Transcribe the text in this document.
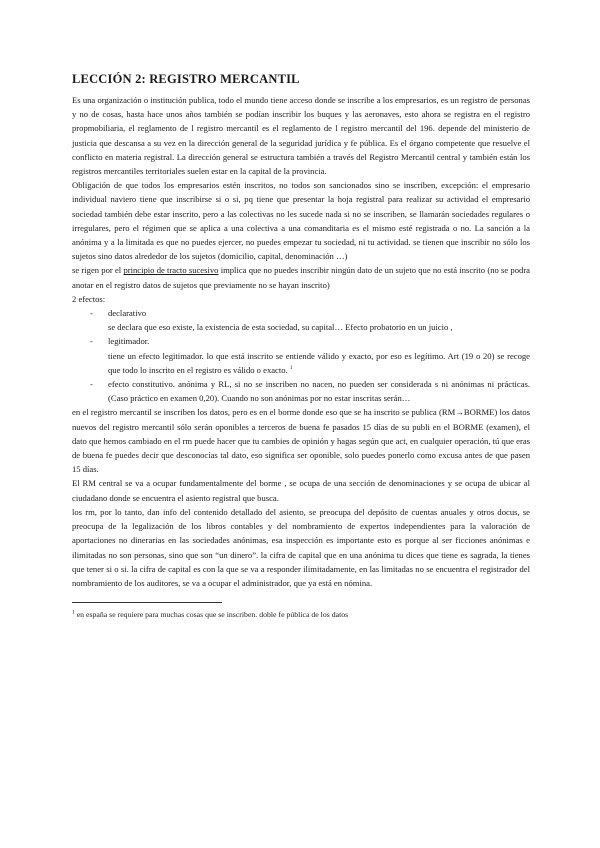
LECCIÓN 2: REGISTRO MERCANTIL

Es una organización o institución publica, todo el mundo tiene acceso donde se inscribe a los empresarios, es un registro de personas y no de cosas, hasta hace unos años también se podían inscribir los buques y las aeronaves, esto ahora se registra en el registro propmobiliaria, el reglamento de l registro mercantil es el reglamento de l registro mercantil del 196. depende del ministerio de justicia que descansa a su vez en la dirección general de la seguridad jurídica y fe pública. Es el órgano competente que resuelve el conflicto en materia registral. La dirección general se estructura también a través del Registro Mercantil central y también están los registros mercantiles territoriales suelen estar en la capital de la provincia.

Obligación de que todos los empresarios estén inscritos, no todos son sancionados sino se inscriben, excepción: el empresario individual naviero tiene que inscribirse si o si, pq tiene que presentar la hoja registral para realizar su actividad el empresario sociedad también debe estar inscrito, pero a las colectivas no les sucede nada si no se inscriben, se llamarán sociedades regulares o irregulares, pero el régimen que se aplica a una colectiva a una comanditaria es el mismo esté registrada o no. La sanción a la anónima y a la limitada es que no puedes ejercer, no puedes empezar tu sociedad, ni tu actividad. se tienen que inscribir no sólo los sujetos sino datos alrededor de los sujetos (domicilio, capital, denominación …)

se rigen por el principio de tracto sucesivo implica que no puedes inscribir ningún dato de un sujeto que no está inscrito (no se podra anotar en el registro datos de sujetos que previamente no se hayan inscrito)

2 efectos:

- declarativo
se declara que eso existe, la existencia de esta sociedad, su capital… Efecto probatorio en un juicio ,
- legitimador.
tiene un efecto legitimador. lo que está inscrito se entiende válido y exacto, por eso es legítimo. Art (19 o 20) se recoge que todo lo inscrito en el registro es válido o exacto. $^1$
- efecto constitutivo. anónima y RL, si no se inscriben no nacen, no pueden ser considerada s ni anónimas ni prácticas. (Caso práctico en examen 0,20). Cuando no son anónimas por no estar inscritas serán…

en el registro mercantil se inscriben los datos, pero es en el borme donde eso que se ha inscrito se publica (RM→BORME) los datos nuevos del registro mercantil sólo serán oponibles a terceros de buena fe pasados 15 días de su publi en el BORME (examen), el dato que hemos cambiado en el rm puede hacer que tu cambies de opinión y hagas según que act, en cualquier operación, tú que eras de buena fe puedes decir que desconocías tal dato, eso significa ser oponible, solo puedes ponerlo como excusa antes de que pasen 15 días.

El RM central se va a ocupar fundamentalmente del borme , se ocupa de una sección de denominaciones y se ocupa de ubicar al ciudadano donde se encuentra el asiento registral que busca.

los rm, por lo tanto, dan info del contenido detallado del asiento, se preocupa del depósito de cuentas anuales y otros docus, se preocupa de la legalización de los libros contables y del nombramiento de expertos independientes para la valoración de aportaciones no dinerarias en las sociedades anónimas, esa inspección es importante esto es porque al ser ficciones anónimas e ilimitadas no son personas, sino que son “un dinero”. la cifra de capital que en una anónima tu dices que tiene es sagrada, la tienes que tener si o si. la cifra de capital es con la que se va a responder ilimitadamente, en las limitadas no se encuentra el registrador del nombramiento de los auditores, se va a ocupar el administrador, que ya está en nómina.

$^1$ en españa se requiere para muchas cosas que se inscriben. doble fe pública de los datos
